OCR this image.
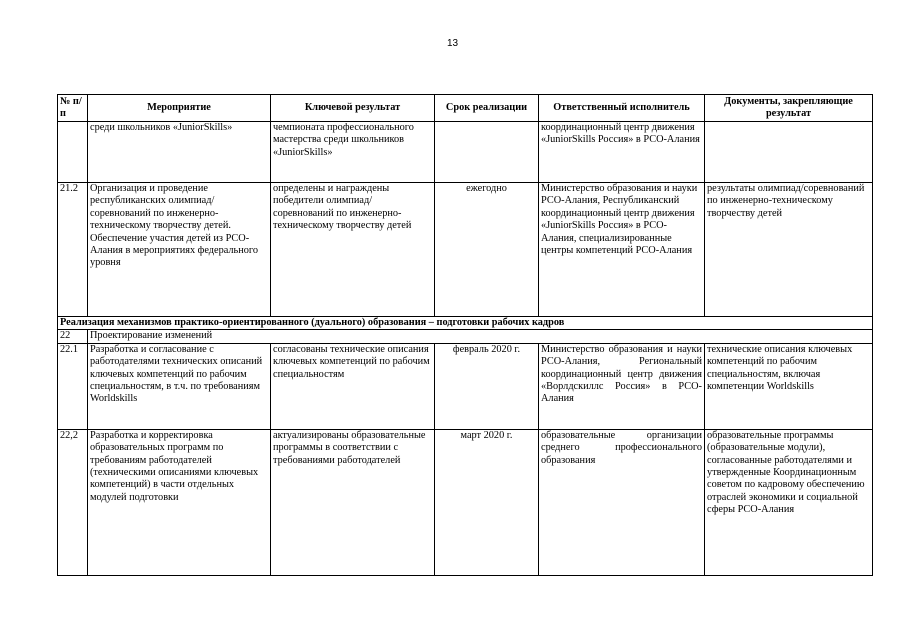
13
№ п/п	Мероприятие	Ключевой результат	Срок реализации	Ответственный исполнитель	Документы, закрепляющие результат
	среди школьников «JuniorSkills»	чемпионата профессионального мастерства среди школьников «JuniorSkills»		координационный центр движения «JuniorSkills Россия» в РСО-Алания	
21.2	Организация и проведение республиканских олимпиад/соревнований по инженерно-техническому творчеству детей. Обеспечение участия детей из РСО-Алания в мероприятиях федерального уровня	определены и награждены победители олимпиад/соревнований по инженерно-техническому творчеству детей	ежегодно	Министерство образования и науки РСО-Алания, Республиканский координационный центр движения «JuniorSkills Россия» в РСО-Алания, специализированные центры компетенций РСО-Алания	результаты олимпиад/соревнований по инженерно-техническому творчеству детей
Реализация механизмов практико-ориентированного (дуального) образования – подготовки рабочих кадров					
22	Проектирование изменений				
22.1	Разработка и согласование с работодателями технических описаний ключевых компетенций по рабочим специальностям, в т.ч. по требованиям Worldskills	согласованы технические описания ключевых компетенций по рабочим специальностям	февраль 2020 г.	Министерство образования и науки РСО-Алания, Региональный координационный центр движения «Ворлдскиллс Россия» в РСО-Алания	технические описания ключевых компетенций по рабочим специальностям, включая компетенции Worldskills
22,2	Разработка и корректировка образовательных программ по требованиям работодателей (техническими описаниями ключевых компетенций) в части отдельных модулей подготовки	актуализированы образовательные программы в соответствии с требованиями работодателей	март 2020 г.	образовательные организации среднего профессионального образования	образовательные программы (образовательные модули), согласованные работодателями и утвержденные Координационным советом по кадровому обеспечению отраслей экономики и социальной сферы РСО-Алания
